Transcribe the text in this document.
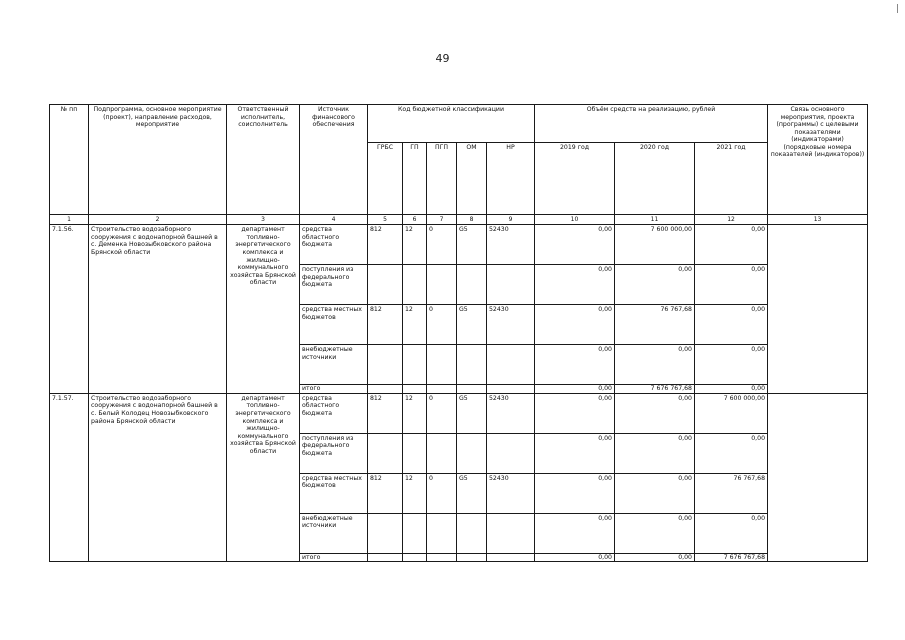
49
№ пп	Подпрограмма, основное мероприятие (проект), направление расходов, мероприятие	Ответственный исполнитель, соисполнитель	Источник финансового обеспечения	Код бюджетной классификации					Объём средств на реализацию, рублей			Связь основного мероприятия, проекта (программы) с целевыми показателями (индикаторами) (порядковые номера показателей (индикаторов))
				ГРБС	ГП	ПГП	ОМ	НР	2019 год	2020 год	2021 год	
1	2	3	4	5	6	7	8	9	10	11	12	13
7.1.56.	Строительство водозаборного сооружения с водонапорной башней в с. Деменка Новозыбковского района Брянской области	департамент топливно-энергетического комплекса и жилищно-коммунального хозяйства Брянской области	средства областного бюджета	812	12	0	G5	52430	0,00	7 600 000,00	0,00	
			поступления из федерального бюджета						0,00	0,00	0,00	
			средства местных бюджетов	812	12	0	G5	52430	0,00	76 767,68	0,00	
			внебюджетные источники						0,00	0,00	0,00	
			итого						0,00	7 676 767,68	0,00	
7.1.57.	Строительство водозаборного сооружения с водонапорной башней в с. Белый Колодец Новозыбковского района Брянской области	департамент топливно-энергетического комплекса и жилищно-коммунального хозяйства Брянской области	средства областного бюджета	812	12	0	G5	52430	0,00	0,00	7 600 000,00	
			поступления из федерального бюджета						0,00	0,00	0,00	
			средства местных бюджетов	812	12	0	G5	52430	0,00	0,00	76 767,68	
			внебюджетные источники						0,00	0,00	0,00	
			итого						0,00	0,00	7 676 767,68	
